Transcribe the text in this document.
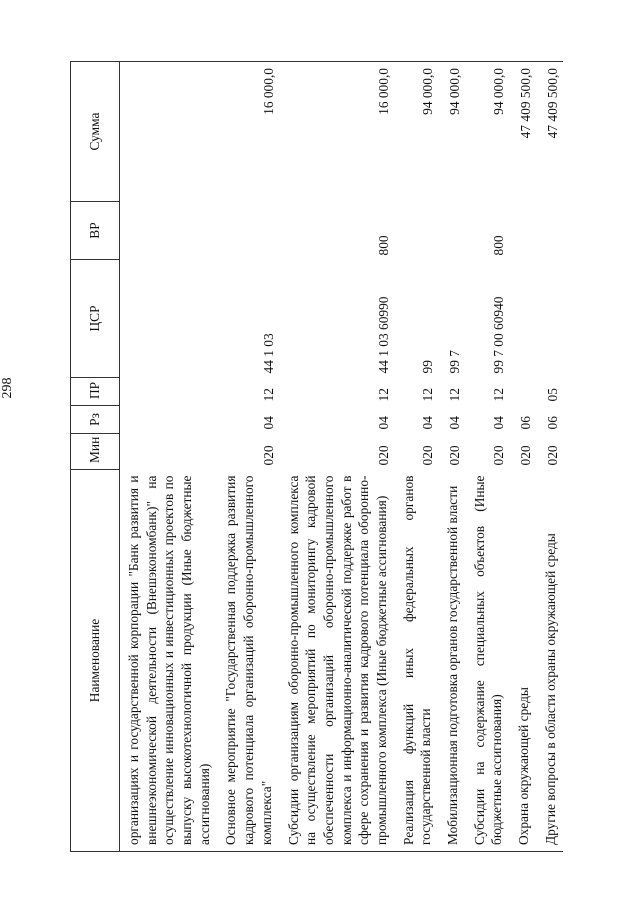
298
Наименование	Мин	Рз	ПР	ЦСР	ВР	Сумма
организациях и государственной корпорации "Банк развития и внешнеэкономической деятельности (Внешэкономбанк)" на осуществление инновационных и инвестиционных проектов по выпуску высокотехнологичной продукции (Иные бюджетные ассигнования)						
Основное мероприятие "Государственная поддержка развития кадрового потенциала организаций оборонно-промышленного комплекса"	020	04	12	44 1 03		16 000,0
Субсидии организациям оборонно-промышленного комплекса на осуществление мероприятий по мониторингу кадровой обеспеченности организаций оборонно-промышленного комплекса и информационно-аналитической поддержке работ в сфере сохранения и развития кадрового потенциала оборонно-промышленного комплекса (Иные бюджетные ассигнования)	020	04	12	44 1 03 60990	800	16 000,0
Реализация функций иных федеральных органов государственной власти	020	04	12	99		94 000,0
Мобилизационная подготовка органов государственной власти	020	04	12	99 7		94 000,0
Субсидии на содержание специальных объектов (Иные бюджетные ассигнования)	020	04	12	99 7 00 60940	800	94 000,0
Охрана окружающей среды	020	06				47 409 500,0
Другие вопросы в области охраны окружающей среды	020	06	05			47 409 500,0
